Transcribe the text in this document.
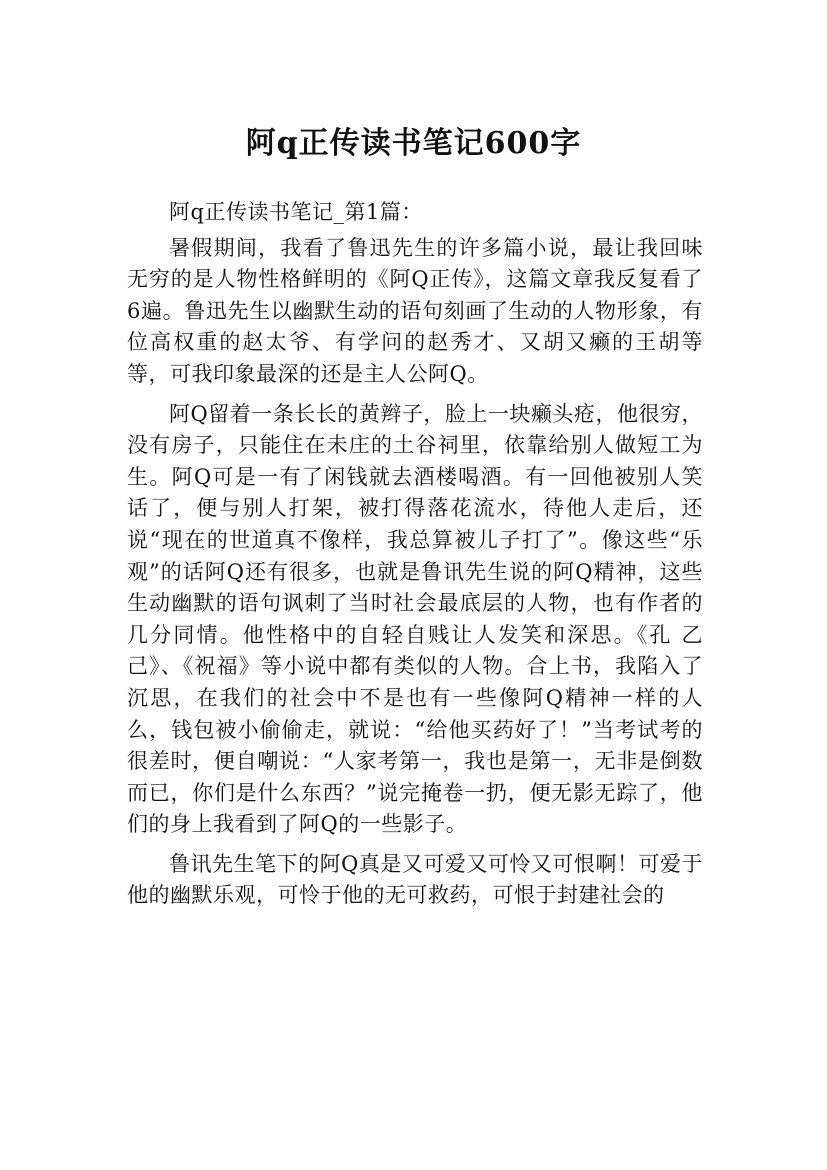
阿q正传读书笔记600字

阿q正传读书笔记_第1篇：

暑假期间，我看了鲁迅先生的许多篇小说，最让我回味无穷的是人物性格鲜明的《阿Q正传》，这篇文章我反复看了6遍。鲁迅先生以幽默生动的语句刻画了生动的人物形象，有位高权重的赵太爷、有学问的赵秀才、又胡又癞的王胡等等，可我印象最深的还是主人公阿Q。

阿Q留着一条长长的黄辫子，脸上一块癞头疮，他很穷，没有房子，只能住在未庄的土谷祠里，依靠给别人做短工为生。阿Q可是一有了闲钱就去酒楼喝酒。有一回他被别人笑话了，便与别人打架，被打得落花流水，待他人走后，还说“现在的世道真不像样，我总算被儿子打了”。像这些“乐观”的话阿Q还有很多，也就是鲁讯先生说的阿Q精神，这些生动幽默的语句讽刺了当时社会最底层的人物，也有作者的几分同情。他性格中的自轻自贱让人发笑和深思。《孔 乙己》、《祝福》等小说中都有类似的人物。合上书，我陷入了沉思，在我们的社会中不是也有一些像阿Q精神一样的人么，钱包被小偷偷走，就说：“给他买药好了！”当考试考的很差时，便自嘲说：“人家考第一，我也是第一，无非是倒数而已，你们是什么东西？”说完掩卷一扔，便无影无踪了，他们的身上我看到了阿Q的一些影子。

鲁讯先生笔下的阿Q真是又可爱又可怜又可恨啊！可爱于他的幽默乐观，可怜于他的无可救药，可恨于封建社会的
